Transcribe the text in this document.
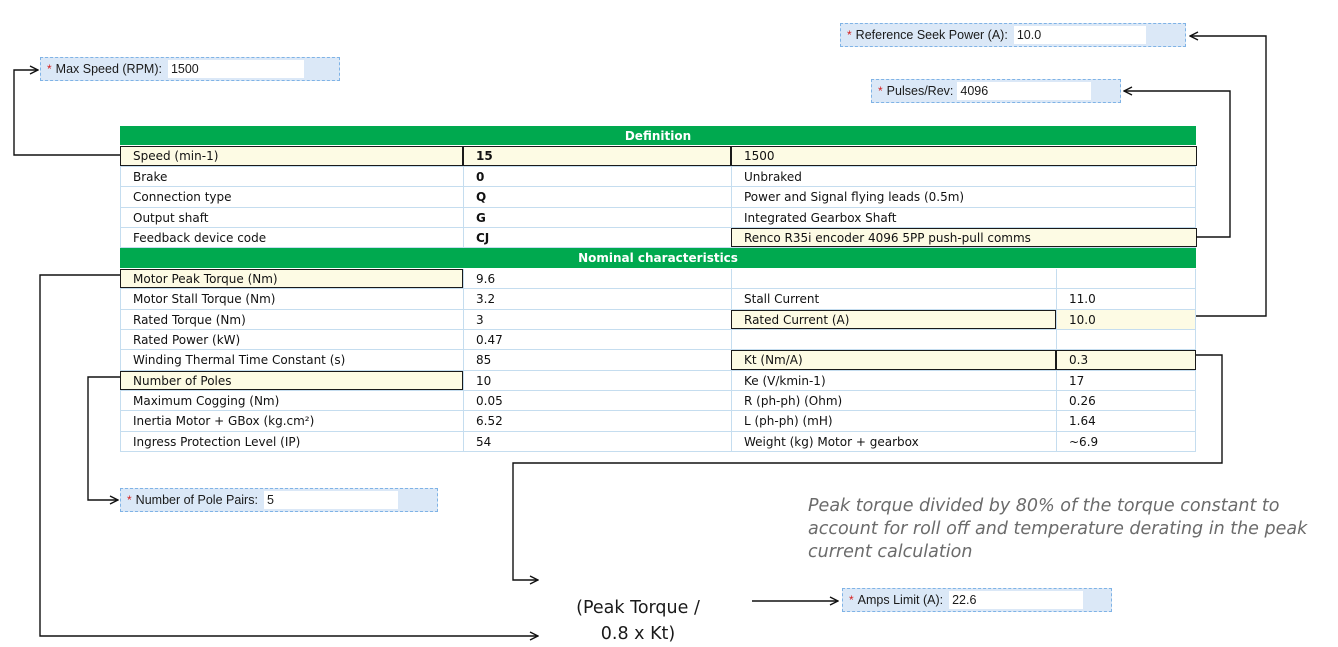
* Max Speed (RPM): 1500
* Reference Seek Power (A): 10.0
* Pulses/Rev: 4096
* Number of Pole Pairs: 5
* Amps Limit (A): 22.6
Definition
Speed (min-1)	15	1500
Brake	0	Unbraked
Connection type	Q	Power and Signal flying leads (0.5m)
Output shaft	G	Integrated Gearbox Shaft
Feedback device code	CJ	Renco R35i encoder 4096 5PP push-pull comms
Nominal characteristics
Motor Peak Torque (Nm)	9.6
Motor Stall Torque (Nm)	3.2	Stall Current	11.0
Rated Torque (Nm)	3	Rated Current (A)	10.0
Rated Power (kW)	0.47
Winding Thermal Time Constant (s)	85	Kt (Nm/A)	0.3
Number of Poles	10	Ke (V/kmin-1)	17
Maximum Cogging (Nm)	0.05	R (ph-ph) (Ohm)	0.26
Inertia Motor + GBox (kg.cm²)	6.52	L (ph-ph) (mH)	1.64
Ingress Protection Level (IP)	54	Weight (kg) Motor + gearbox	~6.9
Peak torque divided by 80% of the torque constant to account for roll off and temperature derating in the peak current calculation
(Peak Torque /
0.8 x Kt)
